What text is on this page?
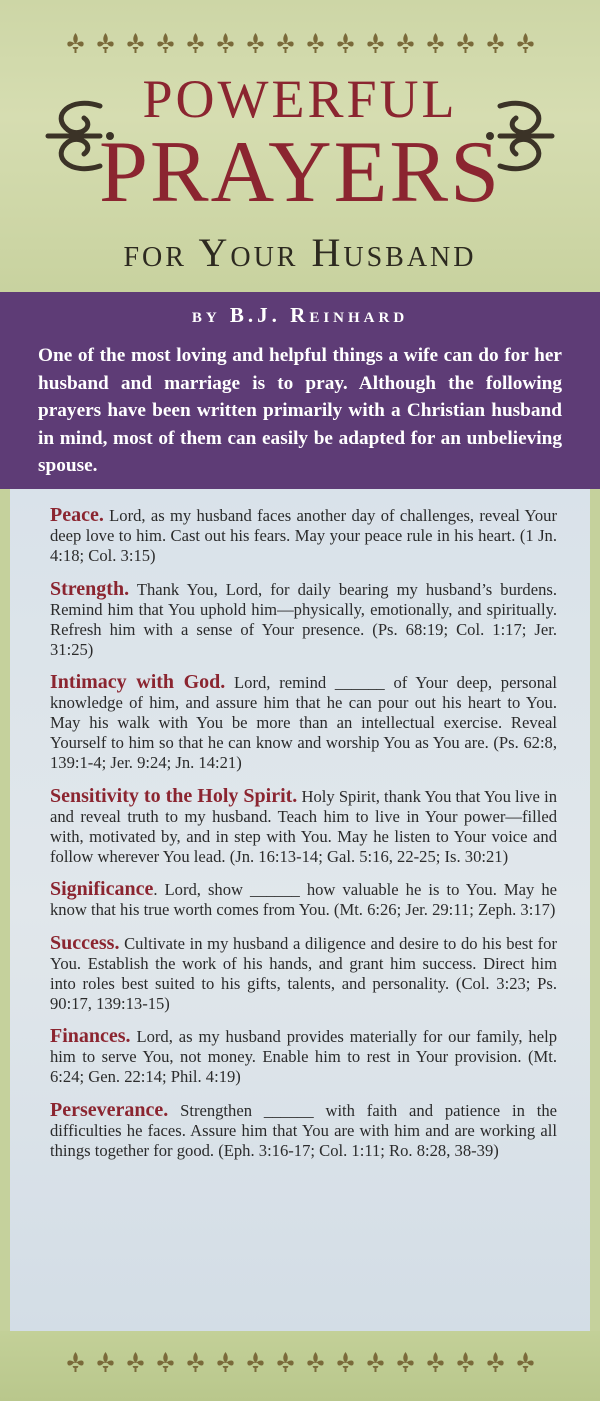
POWERFUL
PRAYERS
for Your Husband
by B.J. Reinhard
One of the most loving and helpful things a wife can do for her husband and marriage is to pray. Although the following prayers have been written primarily with a Christian husband in mind, most of them can easily be adapted for an unbelieving spouse.
Peace. Lord, as my husband faces another day of challenges, reveal Your deep love to him. Cast out his fears. May your peace rule in his heart. (1 Jn. 4:18; Col. 3:15)
Strength. Thank You, Lord, for daily bearing my husband’s burdens. Remind him that You uphold him—physically, emotionally, and spiritually. Refresh him with a sense of Your presence. (Ps. 68:19; Col. 1:17; Jer. 31:25)
Intimacy with God. Lord, remind ______ of Your deep, personal knowledge of him, and assure him that he can pour out his heart to You. May his walk with You be more than an intellectual exercise. Reveal Yourself to him so that he can know and worship You as You are. (Ps. 62:8, 139:1-4; Jer. 9:24; Jn. 14:21)
Sensitivity to the Holy Spirit. Holy Spirit, thank You that You live in and reveal truth to my husband. Teach him to live in Your power—filled with, motivated by, and in step with You. May he listen to Your voice and follow wherever You lead. (Jn. 16:13-14; Gal. 5:16, 22-25; Is. 30:21)
Significance. Lord, show ______ how valuable he is to You. May he know that his true worth comes from You. (Mt. 6:26; Jer. 29:11; Zeph. 3:17)
Success. Cultivate in my husband a diligence and desire to do his best for You. Establish the work of his hands, and grant him success. Direct him into roles best suited to his gifts, talents, and personality. (Col. 3:23; Ps. 90:17, 139:13-15)
Finances. Lord, as my husband provides materially for our family, help him to serve You, not money. Enable him to rest in Your provision. (Mt. 6:24; Gen. 22:14; Phil. 4:19)
Perseverance. Strengthen ______ with faith and patience in the difficulties he faces. Assure him that You are with him and are working all things together for good. (Eph. 3:16-17; Col. 1:11; Ro. 8:28, 38-39)
